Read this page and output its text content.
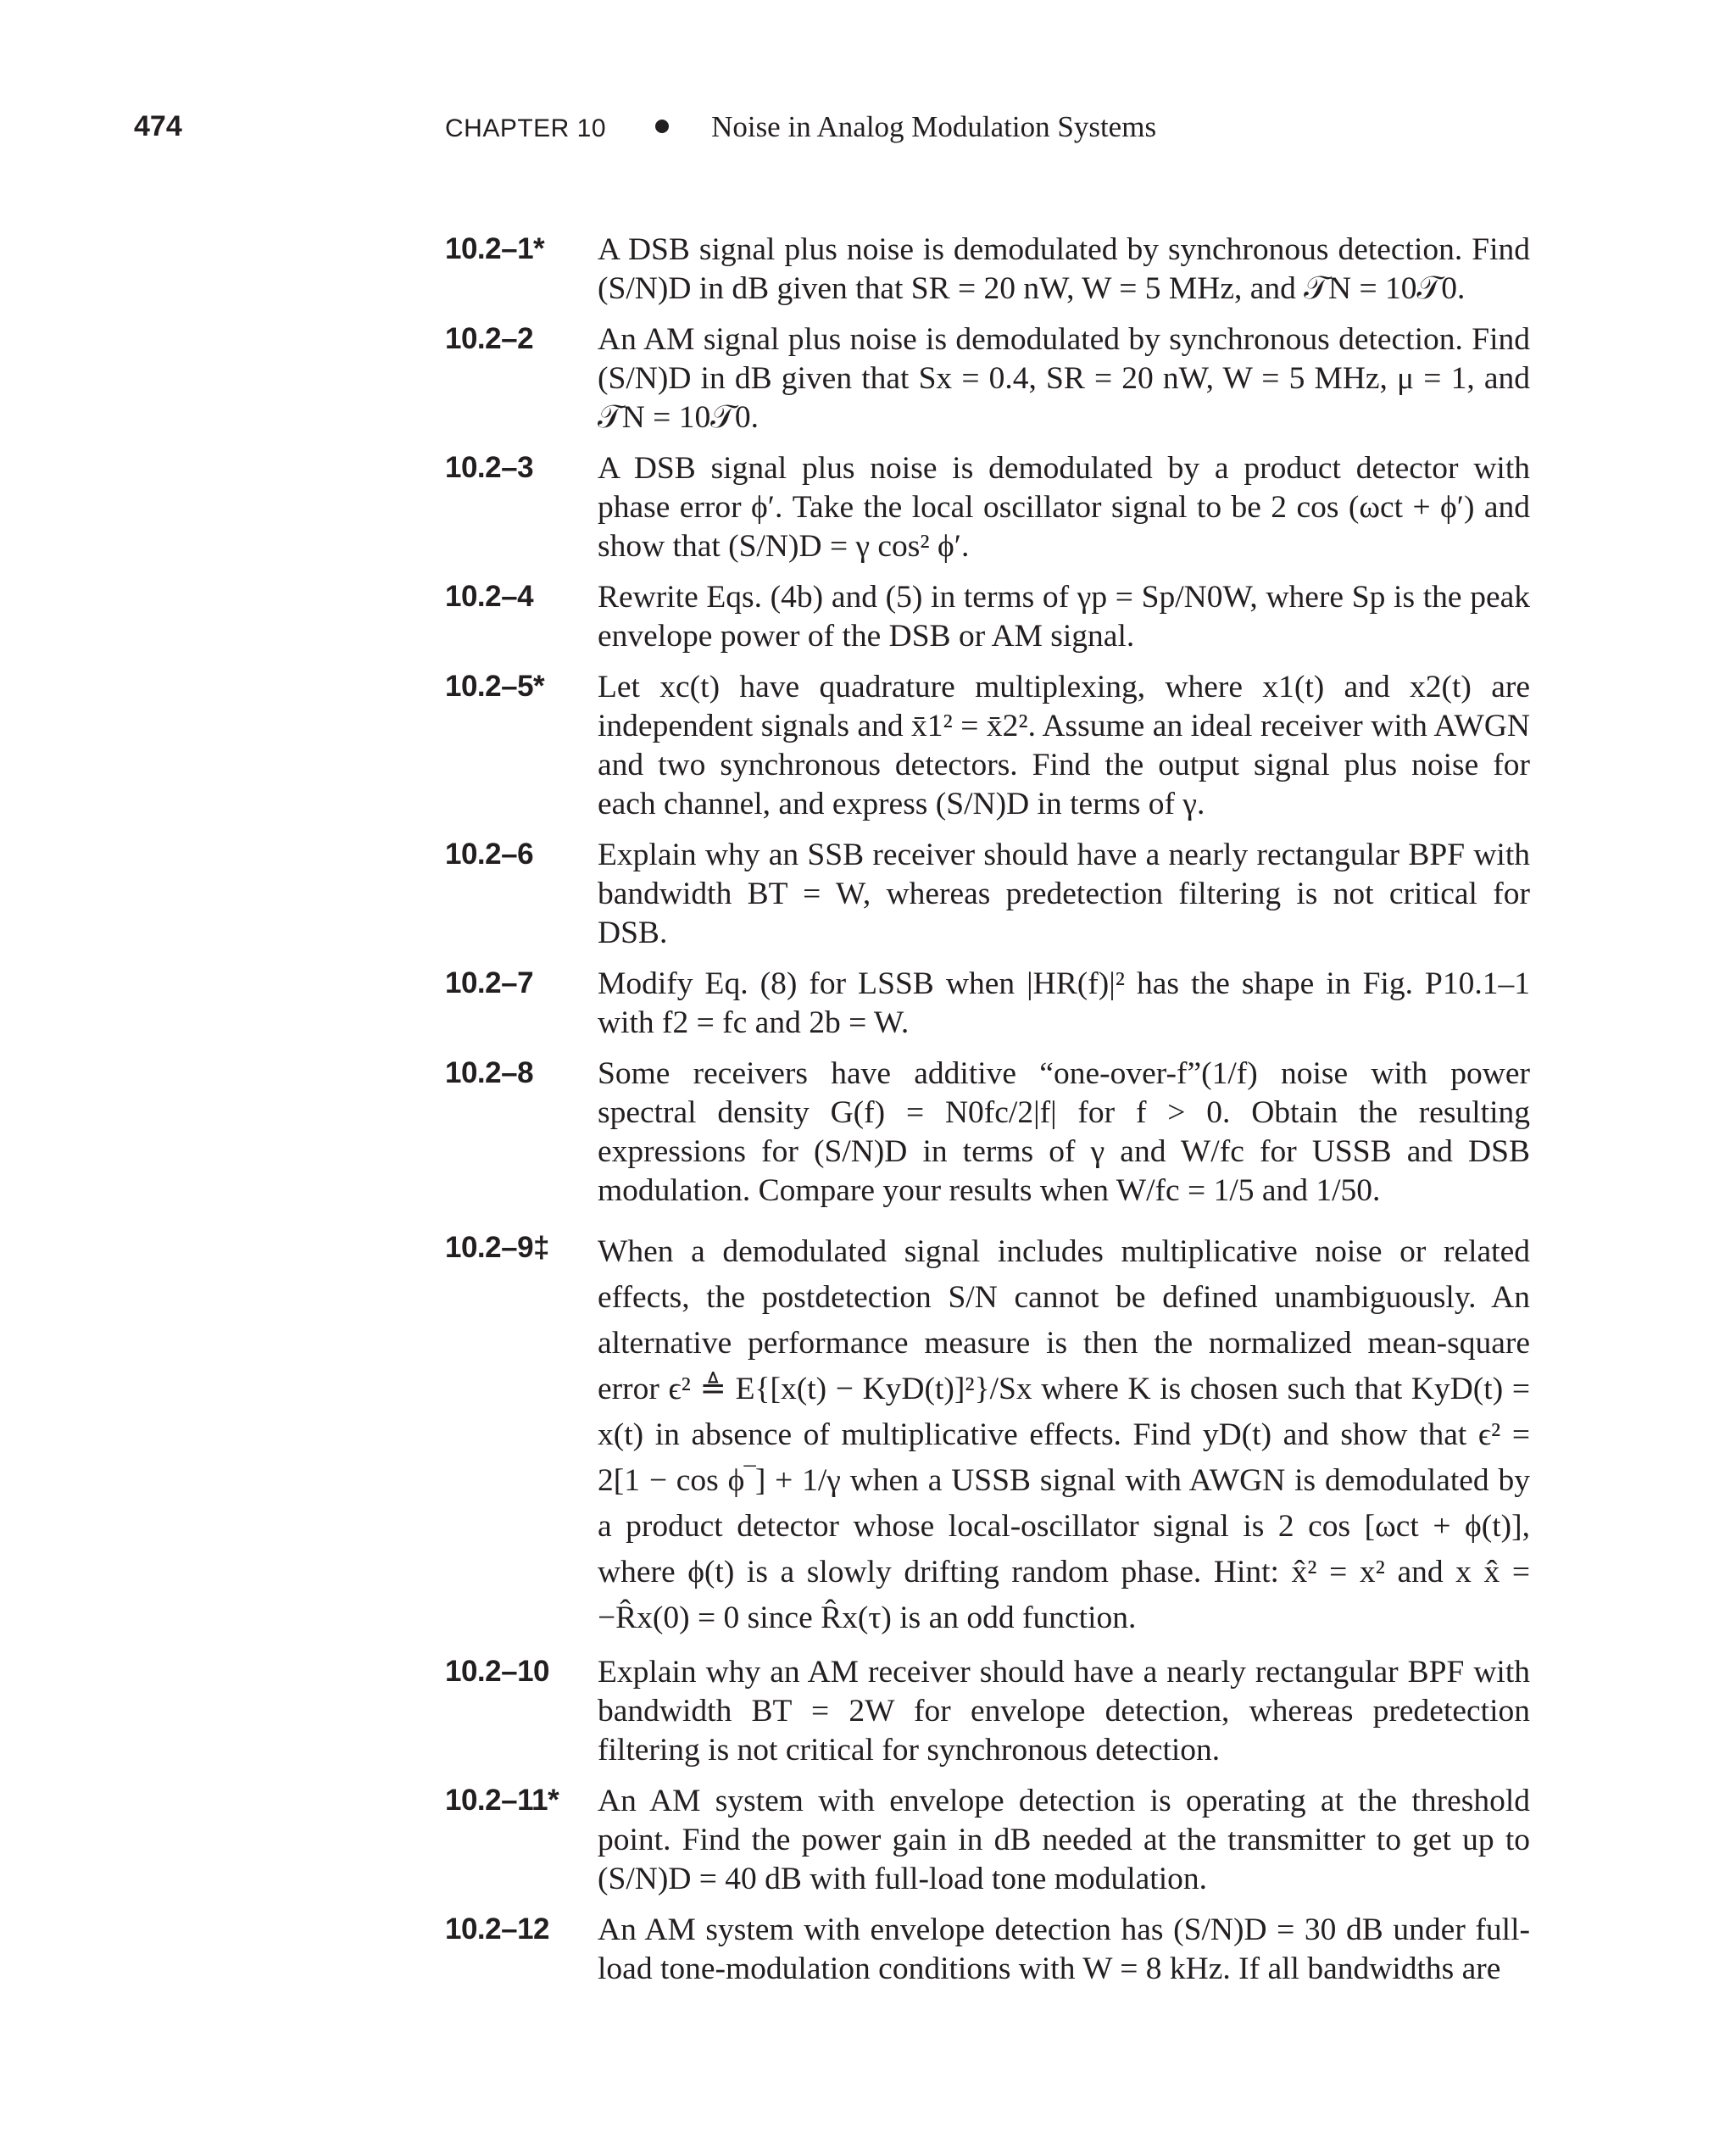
474	CHAPTER 10	Noise in Analog Modulation Systems
10.2–1* A DSB signal plus noise is demodulated by synchronous detection. Find (S/N)D in dB given that SR = 20 nW, W = 5 MHz, and 𝒯N = 10𝒯0.
10.2–2 An AM signal plus noise is demodulated by synchronous detection. Find (S/N)D in dB given that Sx = 0.4, SR = 20 nW, W = 5 MHz, μ = 1, and 𝒯N = 10𝒯0.
10.2–3 A DSB signal plus noise is demodulated by a product detector with phase error ϕ′. Take the local oscillator signal to be 2 cos (ωct + ϕ′) and show that (S/N)D = γ cos² ϕ′.
10.2–4 Rewrite Eqs. (4b) and (5) in terms of γp = Sp/N0W, where Sp is the peak envelope power of the DSB or AM signal.
10.2–5* Let xc(t) have quadrature multiplexing, where x1(t) and x2(t) are independent signals and x̄1² = x̄2². Assume an ideal receiver with AWGN and two synchronous detectors. Find the output signal plus noise for each channel, and express (S/N)D in terms of γ.
10.2–6 Explain why an SSB receiver should have a nearly rectangular BPF with bandwidth BT = W, whereas predetection filtering is not critical for DSB.
10.2–7 Modify Eq. (8) for LSSB when |HR(f)|² has the shape in Fig. P10.1–1 with f2 = fc and 2b = W.
10.2–8 Some receivers have additive “one-over-f”(1/f) noise with power spectral density G(f) = N0fc/2|f| for f > 0. Obtain the resulting expressions for (S/N)D in terms of γ and W/fc for USSB and DSB modulation. Compare your results when W/fc = 1/5 and 1/50.
10.2–9‡ When a demodulated signal includes multiplicative noise or related effects, the postdetection S/N cannot be defined unambiguously. An alternative performance measure is then the normalized mean-square error ϵ² ≜ E{[x(t) − KyD(t)]²}/Sx where K is chosen such that KyD(t) = x(t) in absence of multiplicative effects. Find yD(t) and show that ϵ² = 2[1 − cos ϕ‾] + 1/γ when a USSB signal with AWGN is demodulated by a product detector whose local-oscillator signal is 2 cos [ωct + ϕ(t)], where ϕ(t) is a slowly drifting random phase. Hint: x̂² = x² and x x̂ = −R̂x(0) = 0 since R̂x(τ) is an odd function.
10.2–10 Explain why an AM receiver should have a nearly rectangular BPF with bandwidth BT = 2W for envelope detection, whereas predetection filtering is not critical for synchronous detection.
10.2–11* An AM system with envelope detection is operating at the threshold point. Find the power gain in dB needed at the transmitter to get up to (S/N)D = 40 dB with full-load tone modulation.
10.2–12 An AM system with envelope detection has (S/N)D = 30 dB under full-load tone-modulation conditions with W = 8 kHz. If all bandwidths are
